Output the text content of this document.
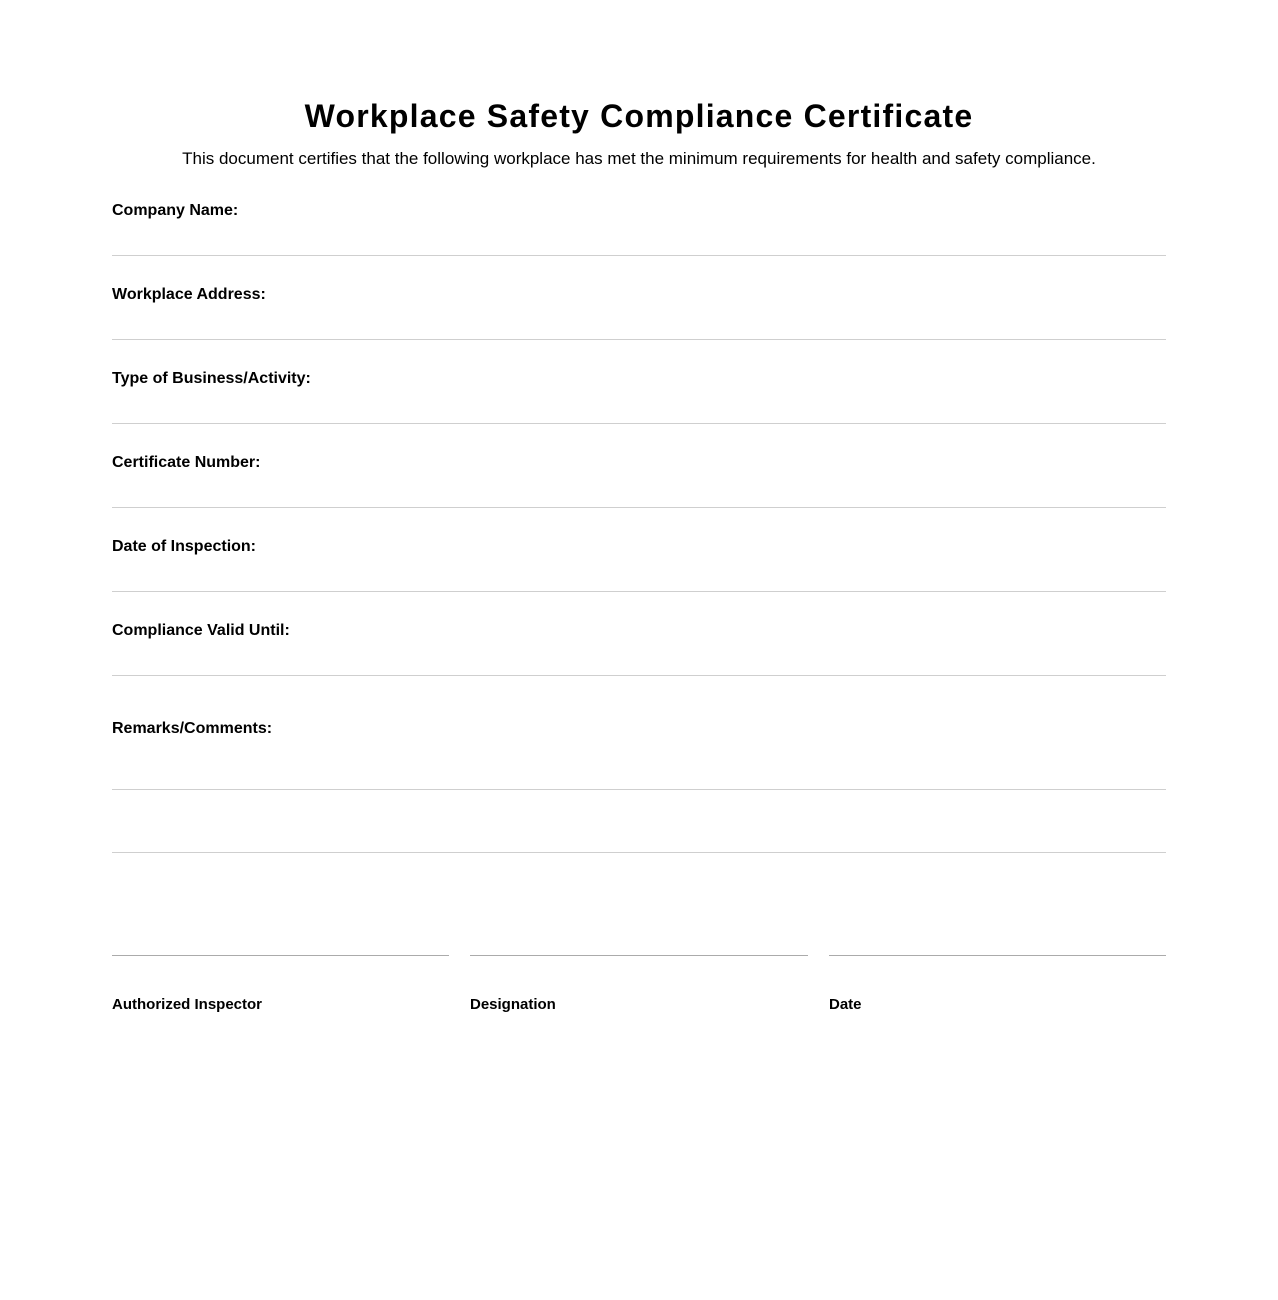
Workplace Safety Compliance Certificate

This document certifies that the following workplace has met the minimum requirements for health and safety compliance.

Company Name:
Workplace Address:
Type of Business/Activity:
Certificate Number:
Date of Inspection:
Compliance Valid Until:
Remarks/Comments:
Authorized Inspector	Designation	Date
